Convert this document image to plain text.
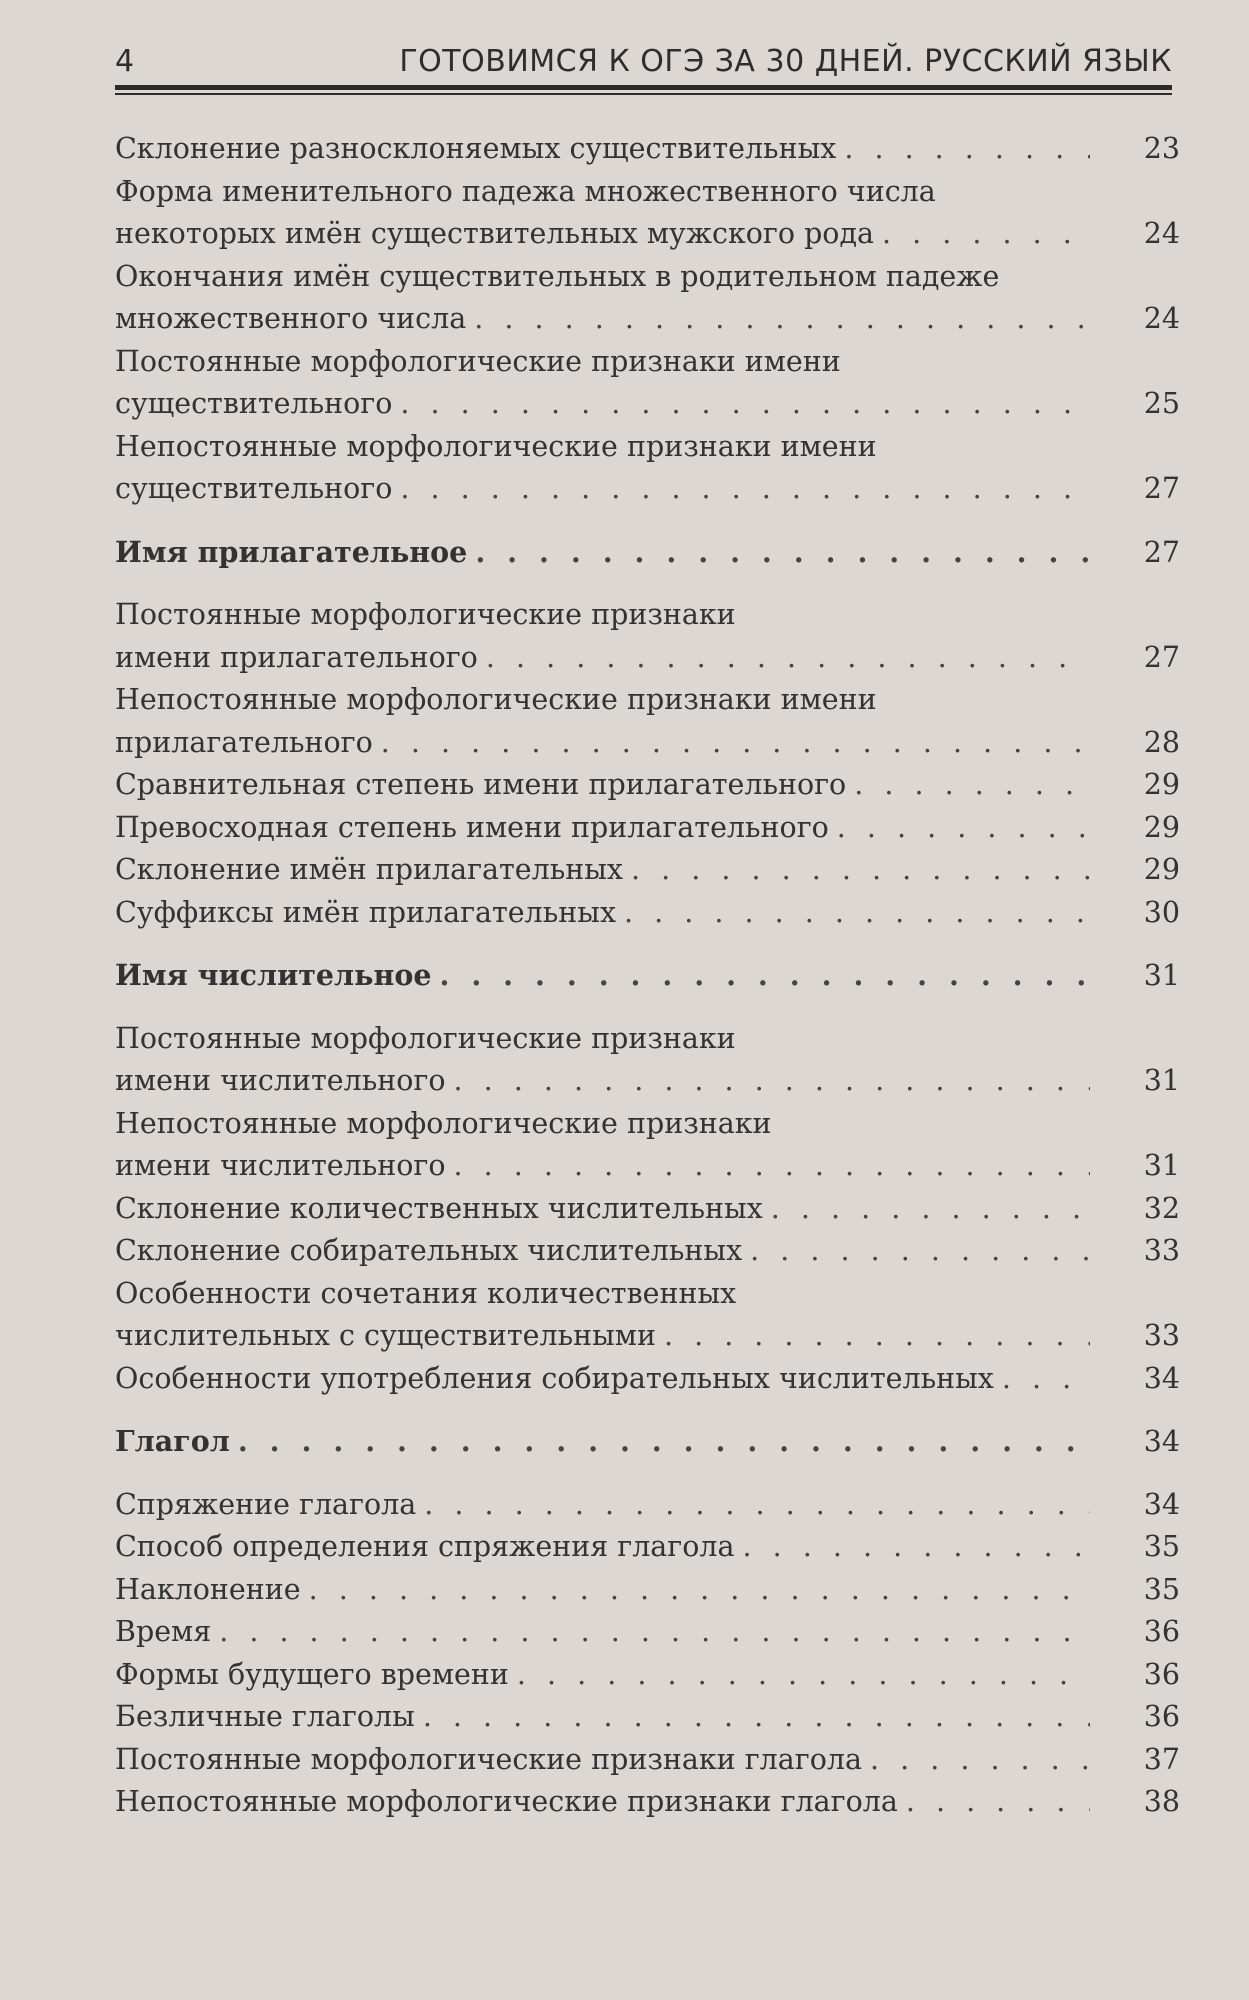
4	ГОТОВИМСЯ К ОГЭ ЗА 30 ДНЕЙ. РУССКИЙ ЯЗЫК
Склонение разносклоняемых существительных . . .	23
Форма именительного падежа множественного числа
некоторых имён существительных мужского рода . . .	24
Окончания имён существительных в родительном падеже
множественного числа . . .	24
Постоянные морфологические признаки имени
существительного . . .	25
Непостоянные морфологические признаки имени
существительного . . .	27
Имя прилагательное . . .	27
Постоянные морфологические признаки
имени прилагательного . . .	27
Непостоянные морфологические признаки имени
прилагательного . . .	28
Сравнительная степень имени прилагательного . . .	29
Превосходная степень имени прилагательного . . .	29
Склонение имён прилагательных . . .	29
Суффиксы имён прилагательных . . .	30
Имя числительное . . .	31
Постоянные морфологические признаки
имени числительного . . .	31
Непостоянные морфологические признаки
имени числительного . . .	31
Склонение количественных числительных . . .	32
Склонение собирательных числительных . . .	33
Особенности сочетания количественных
числительных с существительными . . .	33
Особенности употребления собирательных числительных . . .	34
Глагол . . .	34
Спряжение глагола . . .	34
Способ определения спряжения глагола . . .	35
Наклонение . . .	35
Время . . .	36
Формы будущего времени . . .	36
Безличные глаголы . . .	36
Постоянные морфологические признаки глагола . . .	37
Непостоянные морфологические признаки глагола . . .	38
